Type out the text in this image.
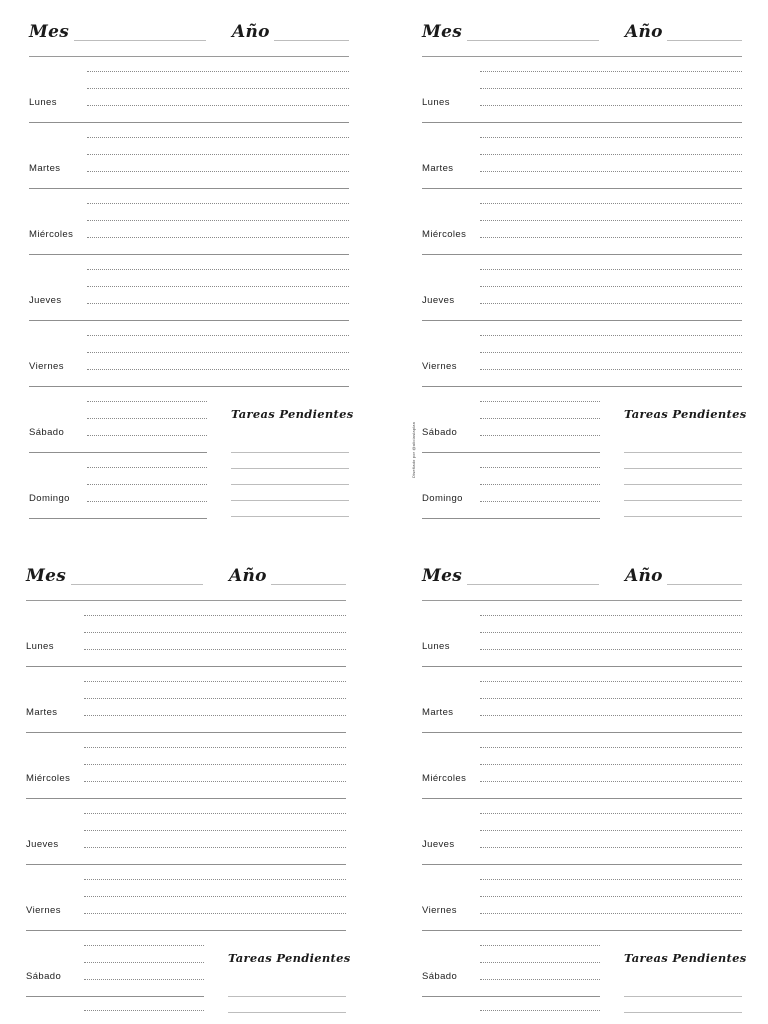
Mes	Año
Lunes
Martes
Miércoles
Jueves
Viernes
Sábado
Domingo
Tareas Pendientes
Mes	Año
Lunes
Martes
Miércoles
Jueves
Viernes
Sábado
Domingo
Tareas Pendientes
Diseñado por @aliciaslaplan
Mes	Año
Lunes
Martes
Miércoles
Jueves
Viernes
Sábado
Tareas Pendientes
Mes	Año
Lunes
Martes
Miércoles
Jueves
Viernes
Sábado
Tareas Pendientes
